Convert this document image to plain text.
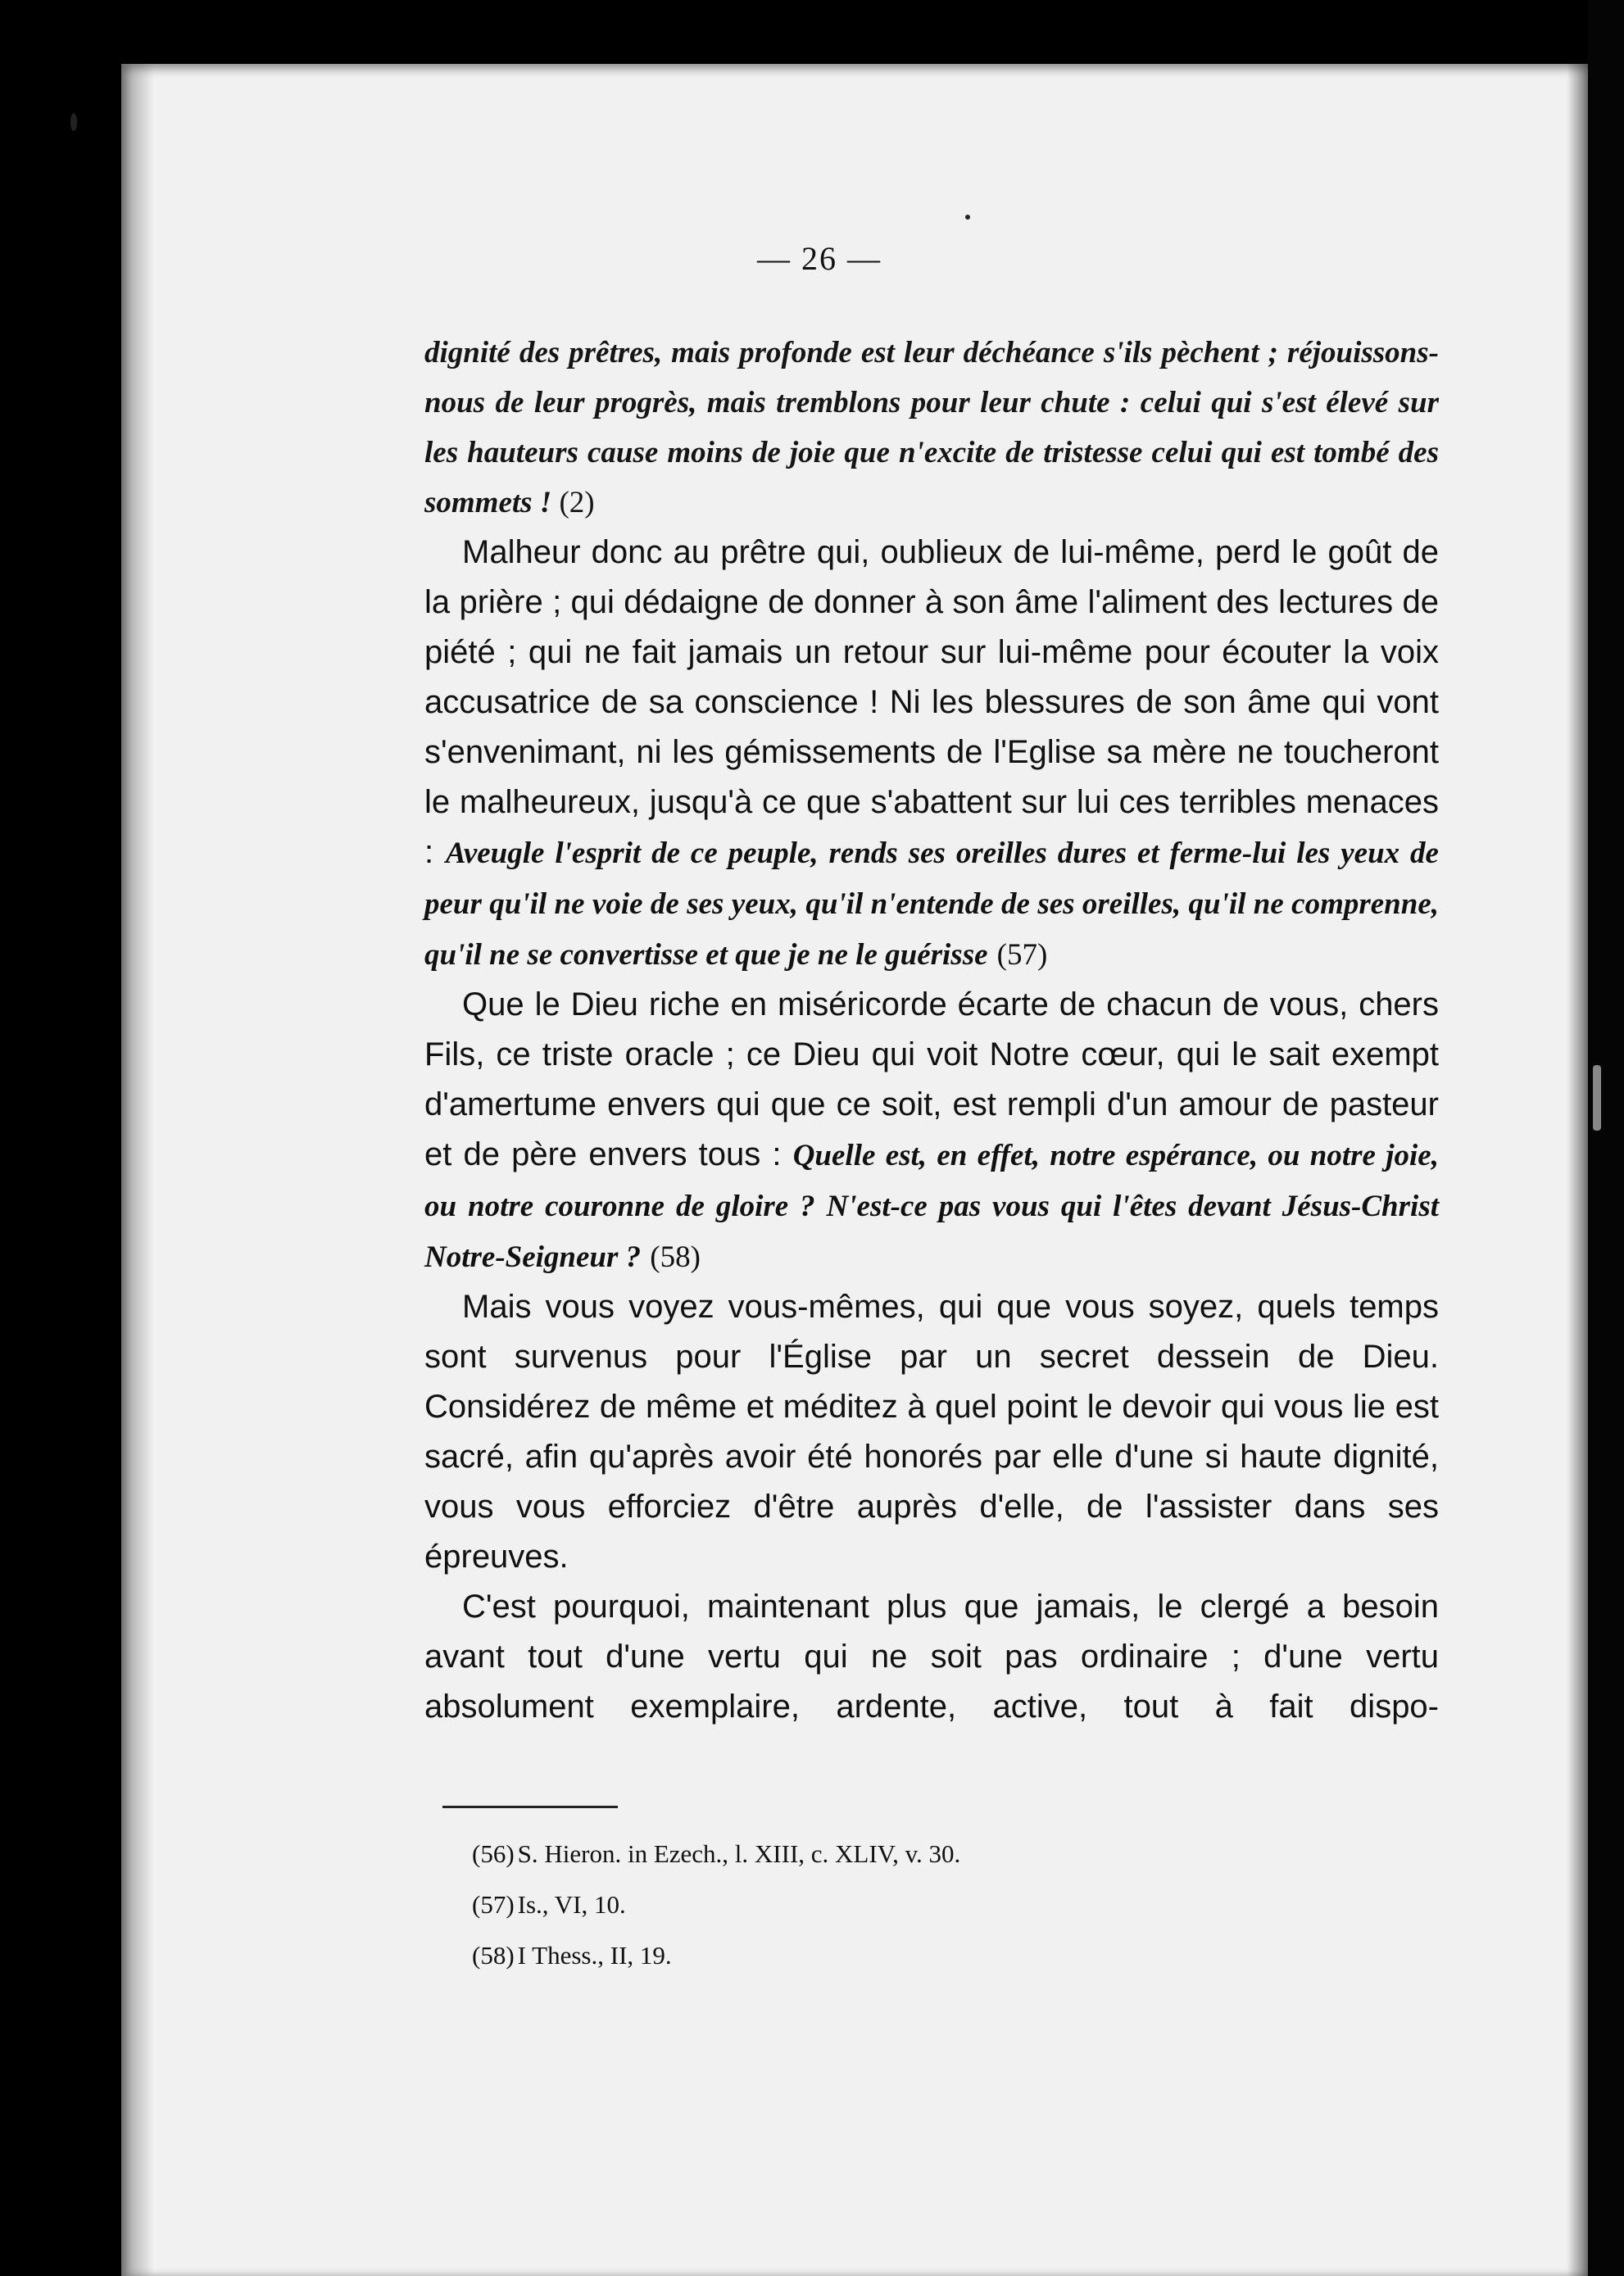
— 26 —

dignité des prêtres, mais profonde est leur déchéance s'ils pèchent ; réjouissons-nous de leur progrès, mais tremblons pour leur chute : celui qui s'est élevé sur les hauteurs cause moins de joie que n'excite de tristesse celui qui est tombé des sommets ! (2)

Malheur donc au prêtre qui, oublieux de lui-même, perd le goût de la prière ; qui dédaigne de donner à son âme l'aliment des lectures de piété ; qui ne fait jamais un retour sur lui-même pour écouter la voix accusatrice de sa conscience ! Ni les blessures de son âme qui vont s'envenimant, ni les gémissements de l'Eglise sa mère ne toucheront le malheureux, jusqu'à ce que s'abattent sur lui ces terribles menaces : Aveugle l'esprit de ce peuple, rends ses oreilles dures et ferme-lui les yeux de peur qu'il ne voie de ses yeux, qu'il n'entende de ses oreilles, qu'il ne comprenne, qu'il ne se convertisse et que je ne le guérisse (57)

Que le Dieu riche en miséricorde écarte de chacun de vous, chers Fils, ce triste oracle ; ce Dieu qui voit Notre cœur, qui le sait exempt d'amertume envers qui que ce soit, est rempli d'un amour de pasteur et de père envers tous : Quelle est, en effet, notre espérance, ou notre joie, ou notre couronne de gloire ? N'est-ce pas vous qui l'êtes devant Jésus-Christ Notre-Seigneur ? (58)

Mais vous voyez vous-mêmes, qui que vous soyez, quels temps sont survenus pour l'Église par un secret dessein de Dieu. Considérez de même et méditez à quel point le devoir qui vous lie est sacré, afin qu'après avoir été honorés par elle d'une si haute dignité, vous vous efforciez d'être auprès d'elle, de l'assister dans ses épreuves.

C'est pourquoi, maintenant plus que jamais, le clergé a besoin avant tout d'une vertu qui ne soit pas ordinaire ; d'une vertu absolument exemplaire, ardente, active, tout à fait dispo-

(56) S. Hieron. in Ezech., l. XIII, c. XLIV, v. 30.

(57) Is., VI, 10.

(58) I Thess., II, 19.
